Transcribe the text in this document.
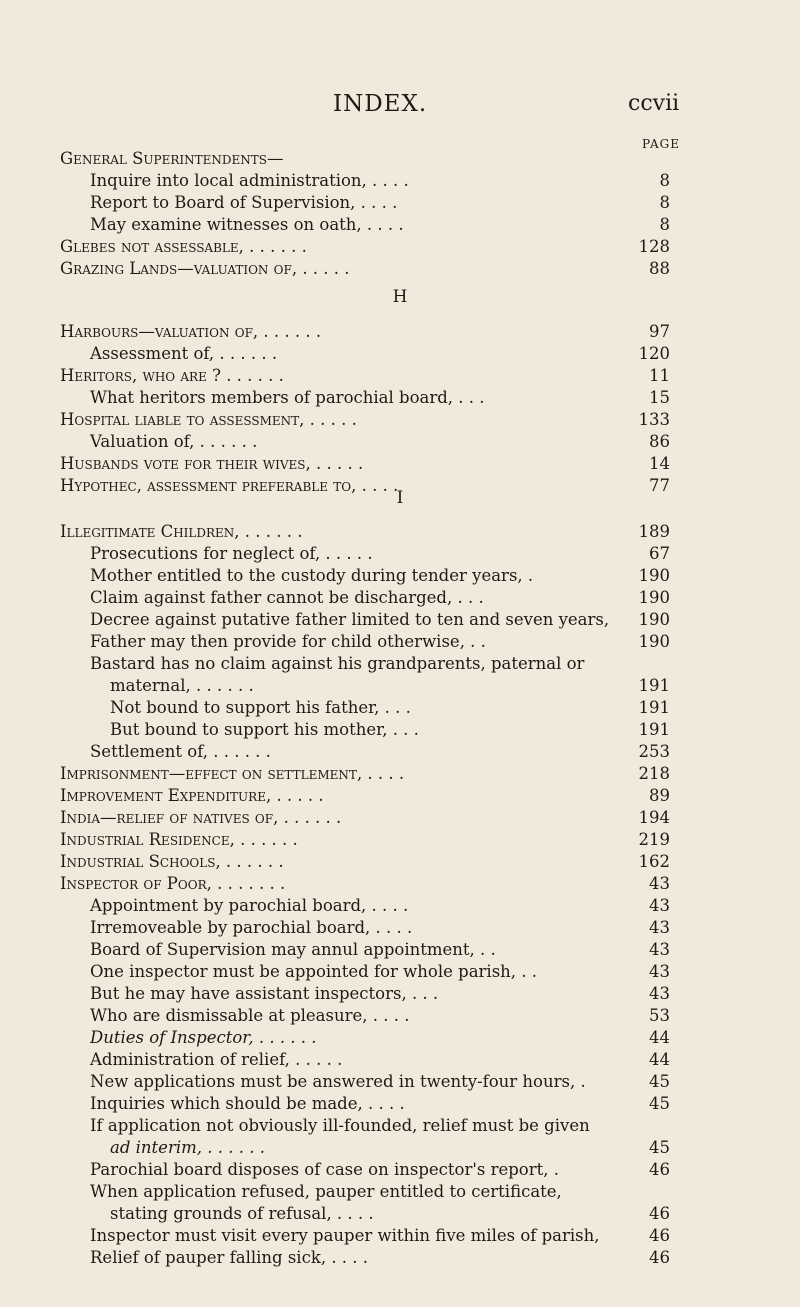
INDEX.	ccvii
PAGE
General Superintendents—
Inquire into local administration, . . . .	8
Report to Board of Supervision, . . . .	8
May examine witnesses on oath, . . . .	8
Glebes not assessable, . . . . . .	128
Grazing Lands—valuation of, . . . . .	88
H
Harbours—valuation of, . . . . . .	97
Assessment of, . . . . . .	120
Heritors, who are ? . . . . . .	11
What heritors members of parochial board, . . .	15
Hospital liable to assessment, . . . . .	133
Valuation of, . . . . . .	86
Husbands vote for their wives, . . . . .	14
Hypothec, assessment preferable to, . . . .	77
I
Illegitimate Children, . . . . . .	189
Prosecutions for neglect of, . . . . .	67
Mother entitled to the custody during tender years, .	190
Claim against father cannot be discharged, . . .	190
Decree against putative father limited to ten and seven years, 190
Father may then provide for child otherwise, . .	190
Bastard has no claim against his grandparents, paternal or
maternal, . . . . . .	191
Not bound to support his father, . . .	191
But bound to support his mother, . . .	191
Settlement of, . . . . . .	253
Imprisonment—effect on settlement, . . . .	218
Improvement Expenditure, . . . . .	89
India—relief of natives of, . . . . . .	194
Industrial Residence, . . . . . .	219
Industrial Schools, . . . . . .	162
Inspector of Poor, . . . . . . .	43
Appointment by parochial board, . . . .	43
Irremoveable by parochial board, . . . .	43
Board of Supervision may annul appointment, . .	43
One inspector must be appointed for whole parish, . .	43
But he may have assistant inspectors, . . .	43
Who are dismissable at pleasure, . . . .	53
Duties of Inspector, . . . . . .	44
Administration of relief, . . . . .	44
New applications must be answered in twenty-four hours, .	45
Inquiries which should be made, . . . .	45
If application not obviously ill-founded, relief must be given
ad interim, . . . . . .	45
Parochial board disposes of case on inspector's report, .	46
When application refused, pauper entitled to certificate,
stating grounds of refusal, . . . .	46
Inspector must visit every pauper within five miles of parish,	46
Relief of pauper falling sick, . . . .	46
